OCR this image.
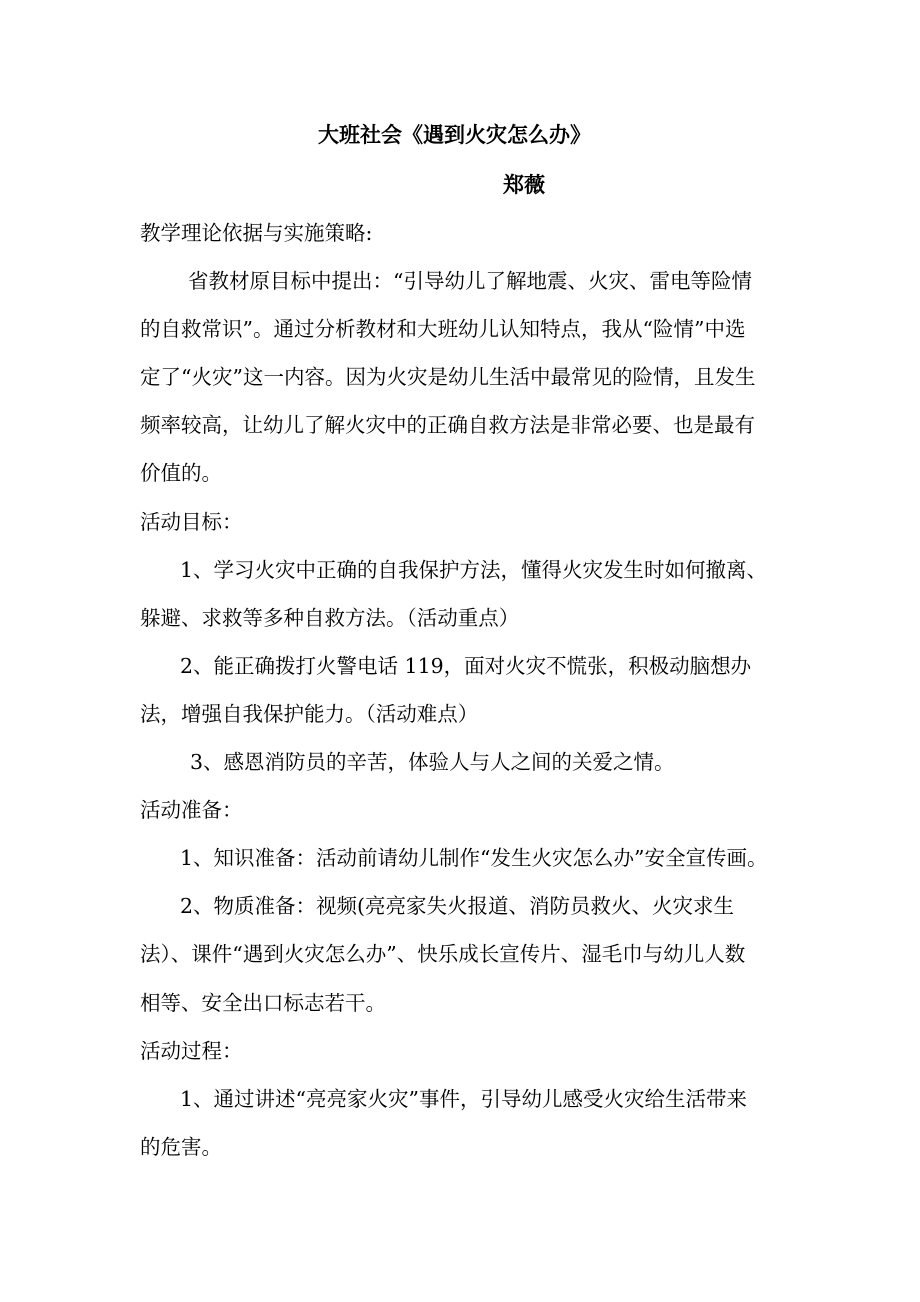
大班社会《遇到火灾怎么办》

郑薇

教学理论依据与实施策略:

省教材原目标中提出：“引导幼儿了解地震、火灾、雷电等险情

的自救常识”。通过分析教材和大班幼儿认知特点，我从“险情”中选

定了“火灾”这一内容。因为火灾是幼儿生活中最常见的险情，且发生

频率较高，让幼儿了解火灾中的正确自救方法是非常必要、也是最有

价值的。

活动目标：

1、学习火灾中正确的自我保护方法，懂得火灾发生时如何撤离、

躲避、求救等多种自救方法。（活动重点）

2、能正确拨打火警电话 119，面对火灾不慌张，积极动脑想办

法，增强自我保护能力。（活动难点）

3、感恩消防员的辛苦，体验人与人之间的关爱之情。

活动准备：

1、知识准备：活动前请幼儿制作“发生火灾怎么办”安全宣传画。

2、物质准备：视频(亮亮家失火报道、消防员救火、火灾求生

法）、课件“遇到火灾怎么办”、快乐成长宣传片、湿毛巾与幼儿人数

相等、安全出口标志若干。

活动过程：

1、通过讲述“亮亮家火灾”事件，引导幼儿感受火灾给生活带来

的危害。
